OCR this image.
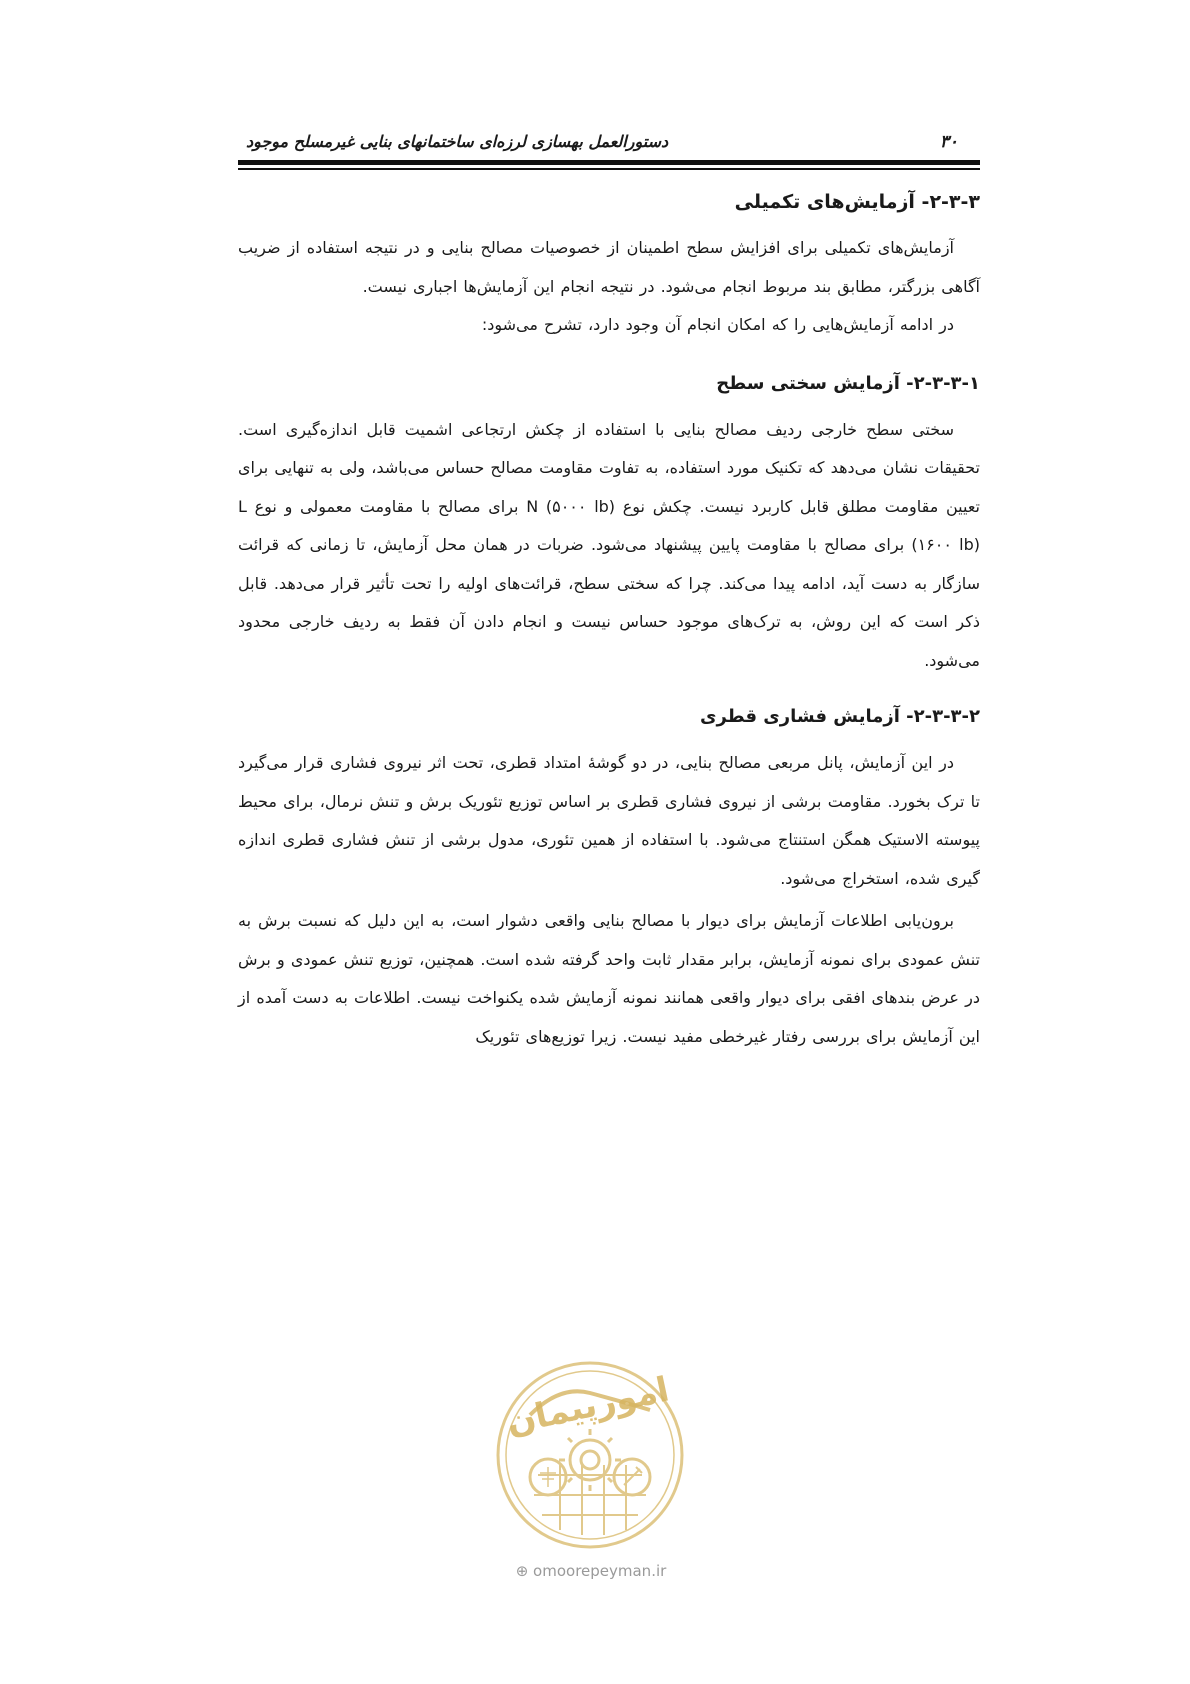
۳۰
دستورالعمل بهسازی لرزه‌ای ساختمانهای بنایی غیرمسلح موجود
۲-۳-۳- آزمایش‌های تکمیلی

آزمایش‌های تکمیلی برای افزایش سطح اطمینان از خصوصیات مصالح بنایی و در نتیجه استفاده از ضریب آگاهی بزرگتر، مطابق بند مربوط انجام می‌شود. در نتیجه انجام این آزمایش‌ها اجباری نیست.

در ادامه آزمایش‌هایی را که امکان انجام آن وجود دارد، تشرح می‌شود:

۲-۳-۳-۱- آزمایش سختی سطح

سختی سطح خارجی ردیف مصالح بنایی با استفاده از چکش ارتجاعی اشمیت قابل اندازه‌گیری است. تحقیقات نشان می‌دهد که تکنیک مورد استفاده، به تفاوت مقاومت مصالح حساس می‌باشد، ولی به تنهایی برای تعیین مقاومت مطلق قابل کاربرد نیست. چکش نوع N (۵۰۰۰ lb) برای مصالح با مقاومت معمولی و نوع L (۱۶۰۰ lb) برای مصالح با مقاومت پایین پیشنهاد می‌شود. ضربات در همان محل آزمایش، تا زمانی که قرائت سازگار به دست آید، ادامه پیدا می‌کند. چرا که سختی سطح، قرائت‌های اولیه را تحت تأثیر قرار می‌دهد. قابل ذکر است که این روش، به ترک‌های موجود حساس نیست و انجام دادن آن فقط به ردیف خارجی محدود می‌شود.

۲-۳-۳-۲- آزمایش فشاری قطری

در این آزمایش، پانل مربعی مصالح بنایی، در دو گوشهٔ امتداد قطری، تحت اثر نیروی فشاری قرار می‌گیرد تا ترک بخورد. مقاومت برشی از نیروی فشاری قطری بر اساس توزیع تئوریک برش و تنش نرمال، برای محیط پیوسته الاستیک همگن استنتاج می‌شود. با استفاده از همین تئوری، مدول برشی از تنش فشاری قطری اندازه گیری شده، استخراج می‌شود.

برون‌یابی اطلاعات آزمایش برای دیوار با مصالح بنایی واقعی دشوار است، به این دلیل که نسبت برش به تنش عمودی برای نمونه آزمایش، برابر مقدار ثابت واحد گرفته شده است. همچنین، توزیع تنش عمودی و برش در عرض بندهای افقی برای دیوار واقعی همانند نمونه آزمایش شده یکنواخت نیست. اطلاعات به دست آمده از این آزمایش برای بررسی رفتار غیرخطی مفید نیست. زیرا توزیع‌های تئوریک

امورپیمان
⊕ omoorepeyman.ir
